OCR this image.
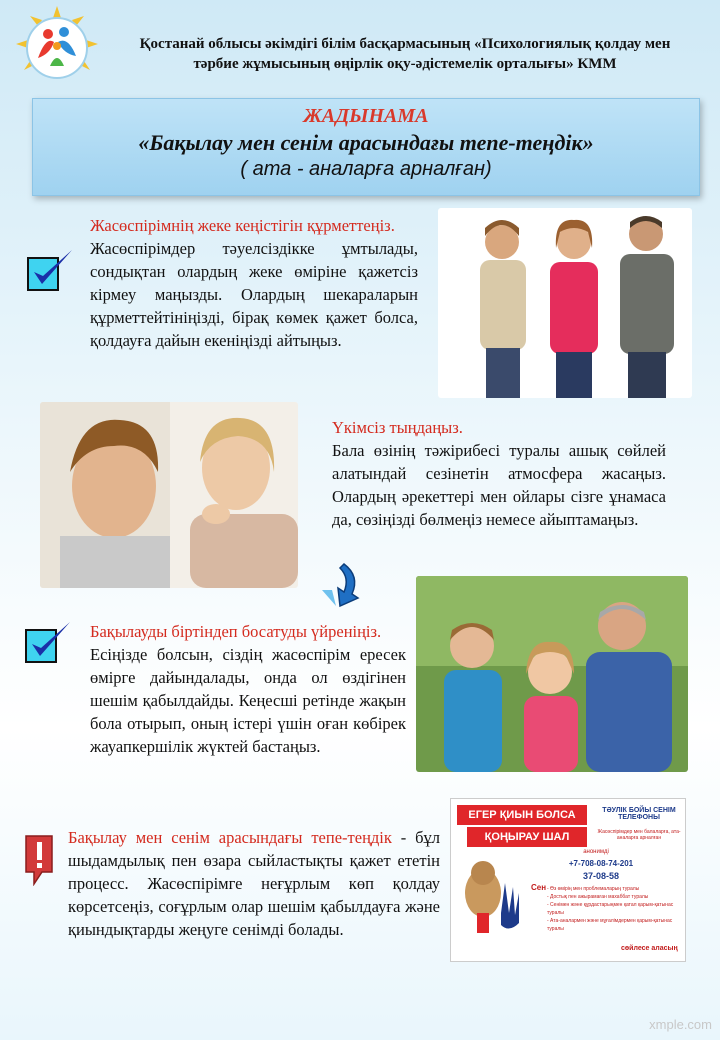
Қостанай облысы әкімдігі білім басқармасының «Психологиялық қолдау мен
тәрбие жұмысының өңірлік оқу-әдістемелік орталығы» КММ
ЖАДЫНАМА
«Бақылау мен сенім арасындағы тепе-теңдік»
( ата - аналарға арналған)
Жасөспірімнің жеке кеңістігін құрметтеңіз.
Жасөспірімдер тәуелсіздікке ұмтылады, сондықтан олардың жеке өміріне қажетсіз кірмеу маңызды. Олардың шекараларын құрметтейтініңізді, бірақ көмек қажет болса, қолдауға дайын екеніңізді айтыңыз.
Үкімсіз тыңдаңыз.
Бала өзінің тәжірибесі туралы ашық сөйлей алатындай сезінетін атмосфера жасаңыз. Олардың әрекеттері мен ойлары сізге ұнамаса да, сөзіңізді бөлмеңіз немесе айыптамаңыз.
Бақылауды біртіндеп босатуды үйреніңіз.
Есіңізде болсын, сіздің жасөспірім ересек өмірге дайындалады, онда ол өздігінен шешім қабылдайды. Кеңесші ретінде жақын бола отырып, оның істері үшін оған көбірек жауапкершілік жүктей бастаңыз.
Бақылау мен сенім арасындағы тепе-теңдік - бұл шыдамдылық пен өзара сыйластықты қажет ететін процесс. Жасөспірімге неғұрлым көп қолдау көрсетсеңіз, соғұрлым олар шешім қабылдауға және қиындықтарды жеңуге сенімді болады.
ЕГЕР ҚИЫН БОЛСА
ҚОҢЫРАУ ШАЛ
ТӘУЛІК БОЙЫ СЕНІМ ТЕЛЕФОНЫ
Жасөспірімдер мен балаларға, ата-аналарға арналған
анонимді
+7-708-08-74-201
37-08-58
Сен - Өз өмірің мен проблемаларың туралы
- Достық пен ажырамаған махаббат туралы
- Сенімен және құрдастарыңмен қатал қарым-қатынас туралы
- Ата-аналармен және мұғалімдермен қарым-қатынас туралы
сөйлесе аласың
xmple.com
